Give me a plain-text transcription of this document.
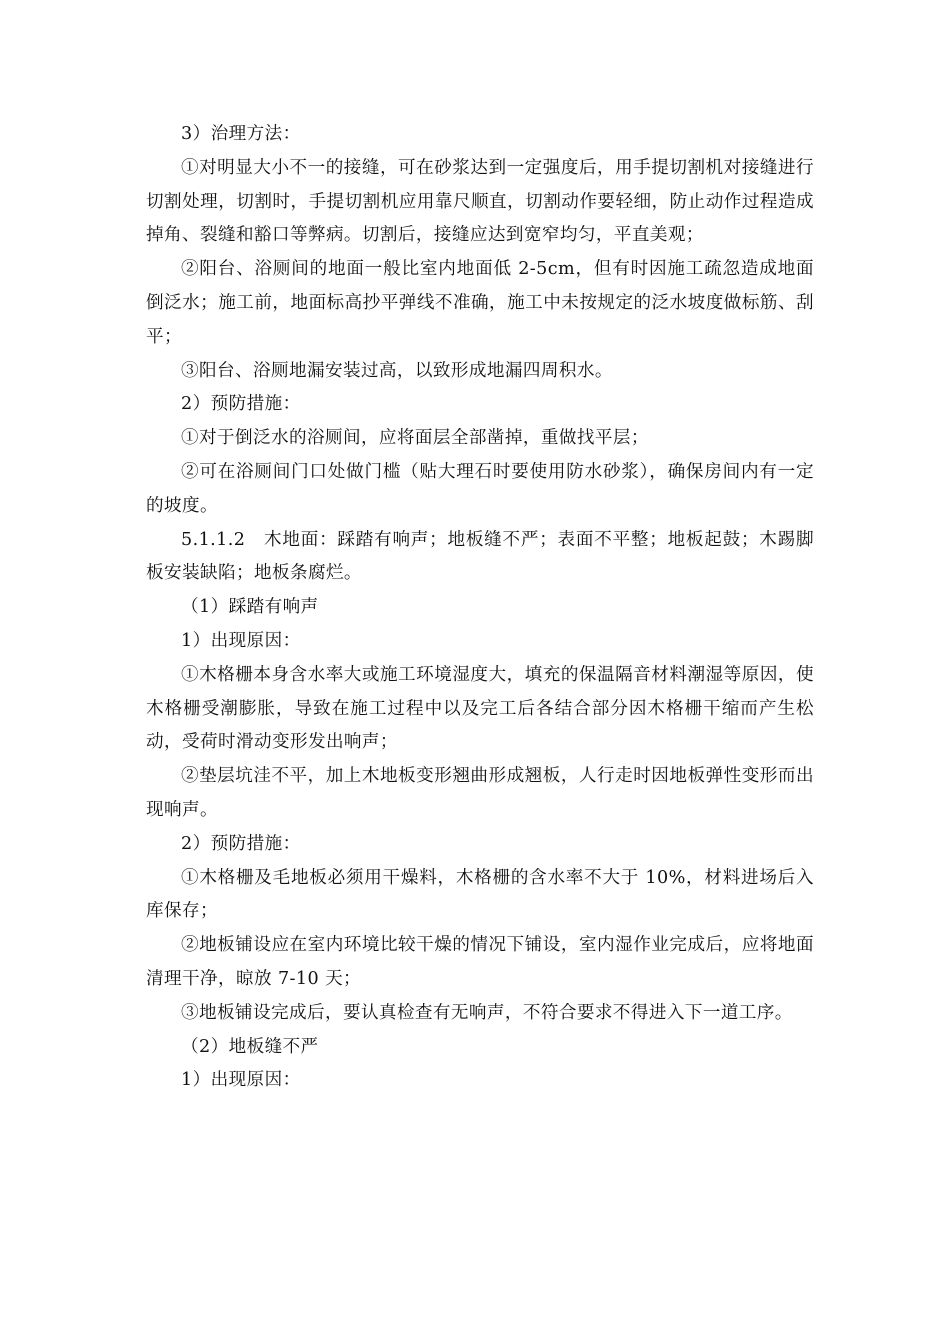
3）治理方法：

①对明显大小不一的接缝，可在砂浆达到一定强度后，用手提切割机对接缝进行切割处理，切割时，手提切割机应用靠尺顺直，切割动作要轻细，防止动作过程造成掉角、裂缝和豁口等弊病。切割后，接缝应达到宽窄均匀，平直美观；

②阳台、浴厕间的地面一般比室内地面低 2-5cm，但有时因施工疏忽造成地面倒泛水；施工前，地面标高抄平弹线不准确，施工中未按规定的泛水坡度做标筋、刮平；

③阳台、浴厕地漏安装过高，以致形成地漏四周积水。

2）预防措施：

①对于倒泛水的浴厕间，应将面层全部凿掉，重做找平层；

②可在浴厕间门口处做门槛（贴大理石时要使用防水砂浆），确保房间内有一定的坡度。

5.1.1.2　木地面：踩踏有响声；地板缝不严；表面不平整；地板起鼓；木踢脚板安装缺陷；地板条腐烂。

（1）踩踏有响声

1）出现原因：

①木格栅本身含水率大或施工环境湿度大，填充的保温隔音材料潮湿等原因，使木格栅受潮膨胀，导致在施工过程中以及完工后各结合部分因木格栅干缩而产生松动，受荷时滑动变形发出响声；

②垫层坑洼不平，加上木地板变形翘曲形成翘板，人行走时因地板弹性变形而出现响声。

2）预防措施：

①木格栅及毛地板必须用干燥料，木格栅的含水率不大于 10%，材料进场后入库保存；

②地板铺设应在室内环境比较干燥的情况下铺设，室内湿作业完成后，应将地面清理干净，晾放 7-10 天；

③地板铺设完成后，要认真检查有无响声，不符合要求不得进入下一道工序。

（2）地板缝不严

1）出现原因：
